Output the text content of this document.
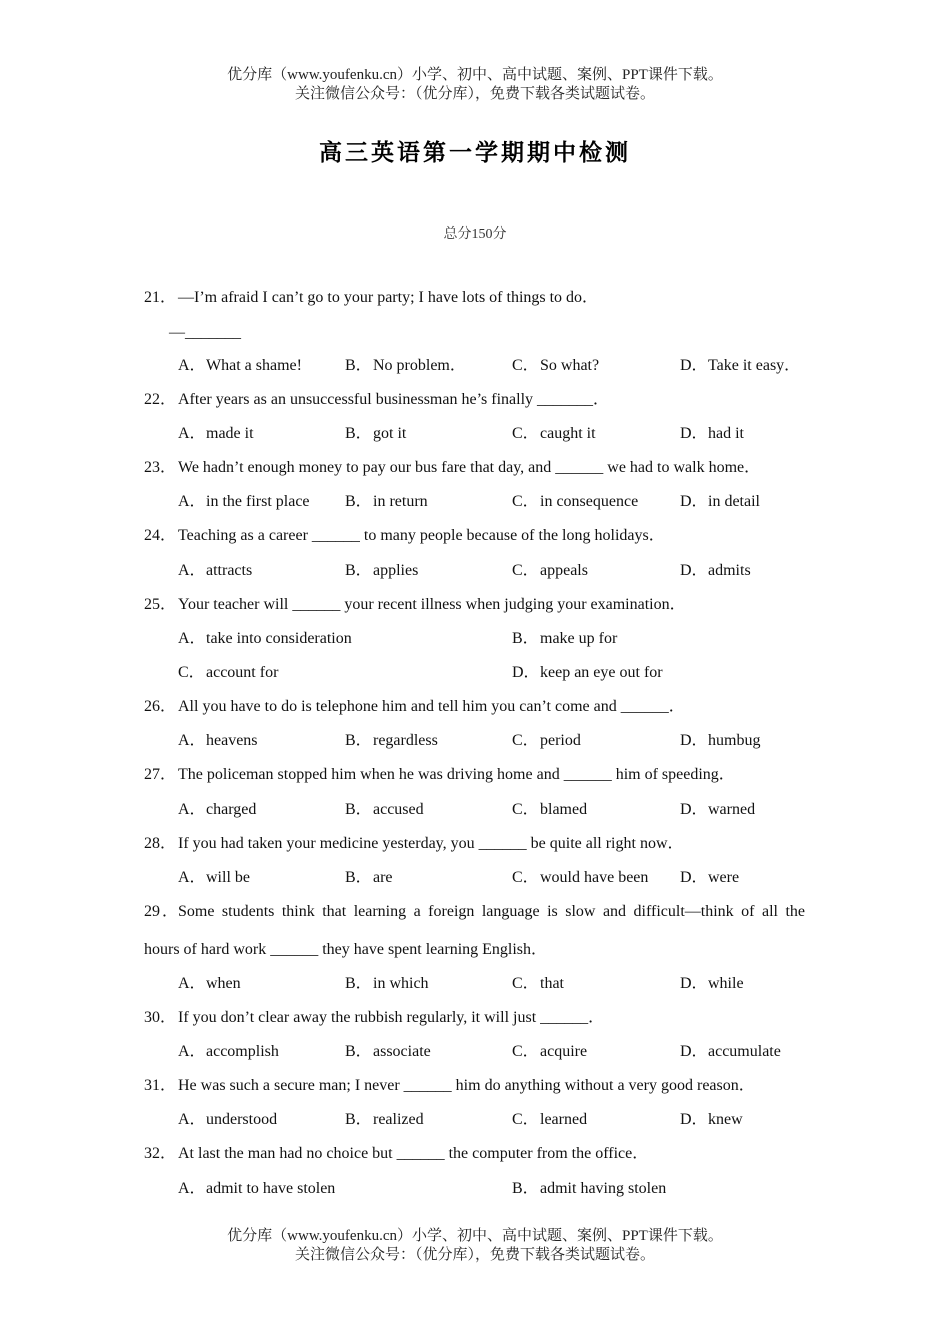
优分库（www.youfenku.cn）小学、初中、高中试题、案例、PPT课件下载。
关注微信公众号：（优分库），免费下载各类试题试卷。
高三英语第一学期期中检测
总分150分
21． —I’m afraid I can’t go to your party; I have lots of things to do．
—_______
A．What a shame!	B．No problem．	C．So what?	D．Take it easy．
22． After years as an unsuccessful businessman he’s finally _______．
A．made it	B．got it	C．caught it	D．had it
23． We hadn’t enough money to pay our bus fare that day, and ______ we had to walk home．
A．in the first place B．in return	C．in consequence	D．in detail
24． Teaching as a career ______ to many people because of the long holidays．
A．attracts	B．applies	C．appeals	D．admits
25． Your teacher will ______ your recent illness when judging your examination．
A．take into consideration	B．make up for
C．account for	D．keep an eye out for
26． All you have to do is telephone him and tell him you can’t come and ______．
A．heavens	B．regardless	C．period	D．humbug
27． The policeman stopped him when he was driving home and ______ him of speeding．
A．charged	B．accused	C．blamed	D．warned
28． If you had taken your medicine yesterday, you ______ be quite all right now．
A．will be	B．are	C．would have been D．were
29．Some students think that learning a foreign language is slow and difficult—think of all the
hours of hard work ______ they have spent learning English．
A．when	B．in which	C．that	D．while
30． If you don’t clear away the rubbish regularly, it will just ______．
A．accomplish	B．associate	C．acquire	D．accumulate
31． He was such a secure man; I never ______ him do anything without a very good reason．
A．understood	B．realized	C．learned	D．knew
32． At last the man had no choice but ______ the computer from the office．
A．admit to have stolen	B．admit having stolen
优分库（www.youfenku.cn）小学、初中、高中试题、案例、PPT课件下载。
关注微信公众号：（优分库），免费下载各类试题试卷。
